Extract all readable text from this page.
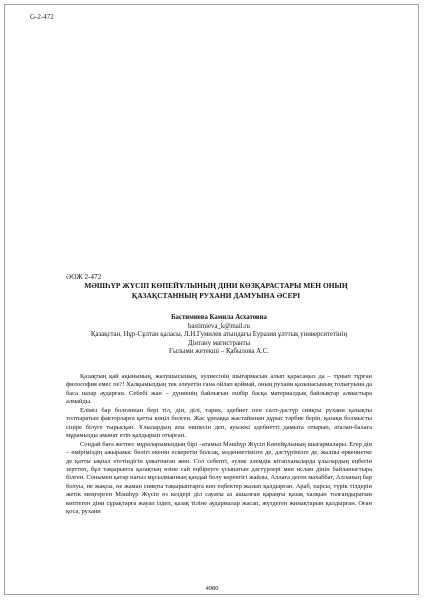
G-2-472
ӘОЖ 2-472
МӘШҺҮР ЖҮСІП КӨПЕЙҰЛЫНЫҢ ДІНИ КӨЗҚАРАСТАРЫ МЕН ОНЫҢ
ҚАЗАҚСТАННЫҢ РУХАНИ ДАМУЫНА ӘСЕРІ
Бастимиева Камила Асхатовна
bastimieva_k@mail.ru
Қазақстан, Нұр-Сұлтан қаласы, Л.Н.Гумилев атындағы Еуразия ұлттық университетінің
Дінтану магистранты
Ғылыми жетекші – Қабылова А.С.

Қазақтың қай ақынының, жазушысының, әулиесінің шығармасын алып қарасаңыз да – тұнып тұрған философия емес пе?! Халқымыздың тек әлеуетін ғана ойлап қоймай, оның рухани қазынасының толығуына да баса назар аударған. Себебі жан – дүниенің байлығын ешбір басқа материалдық байлықтар алмастыра алмайды.

Еліміз бар болғаннан бері тіл, дін, ділі, тарих, әдебиет пен салт-дәстүр сияқты рухани қазықты толтыратын факторларға қатты көңіл бөлген. Жас ұрпаққа жастайынан дұрыс тәрбие беріп, қазақи болмысты сіңіре білуге тырысқан. Ұлылардың аты өшпесін деп, ауызекі әдебиетті дамыта отырып, аталан-балаға мұрамызды аманат етіп қалдырып отырған.

Сондай бағa жетпес мұраларымыздың бірі –атамыз Мәшһүр Жүсіп Көпейұлының шығармалары. Егер дін – өміріміздің ажырамас бөлігі екенін ескеретін болсақ, мәдениетімізге де, дәстүрімізге де, жалпы өркениетке де қатты ықпал ететіндігін ұмытпаған жөн. Сол себепті, әулие әлемдік кітапханаларда ұлылардың еңбегін зерттеп, бұл тақырыпта қазақтың өзіне сай еңбіреуге үсынатын дәстүрлері мен ислам дінін байланыстыра білген. Сонымен қатар нағыз мұсылманның қандай болу керектігі жайлы, Аллаға деген махаббат, Алланың бар болуы, не жақсы, не жаман сияқты тақырыптарға көп еңбектер жазып қалдырған. Араб, парсы, түрік тілдерін жетік меңгерген Мәшһүр Жүсіп өз кездері діл сауаты аз ашылған қараңғы қазақ халқын толғандыратын көптеген діни сұрақтарға жауап іздеп, қазақ тіліне аудармалар жасап, жүздеген жинақтарын қалдырған. Оған қоса, рухани

4980
